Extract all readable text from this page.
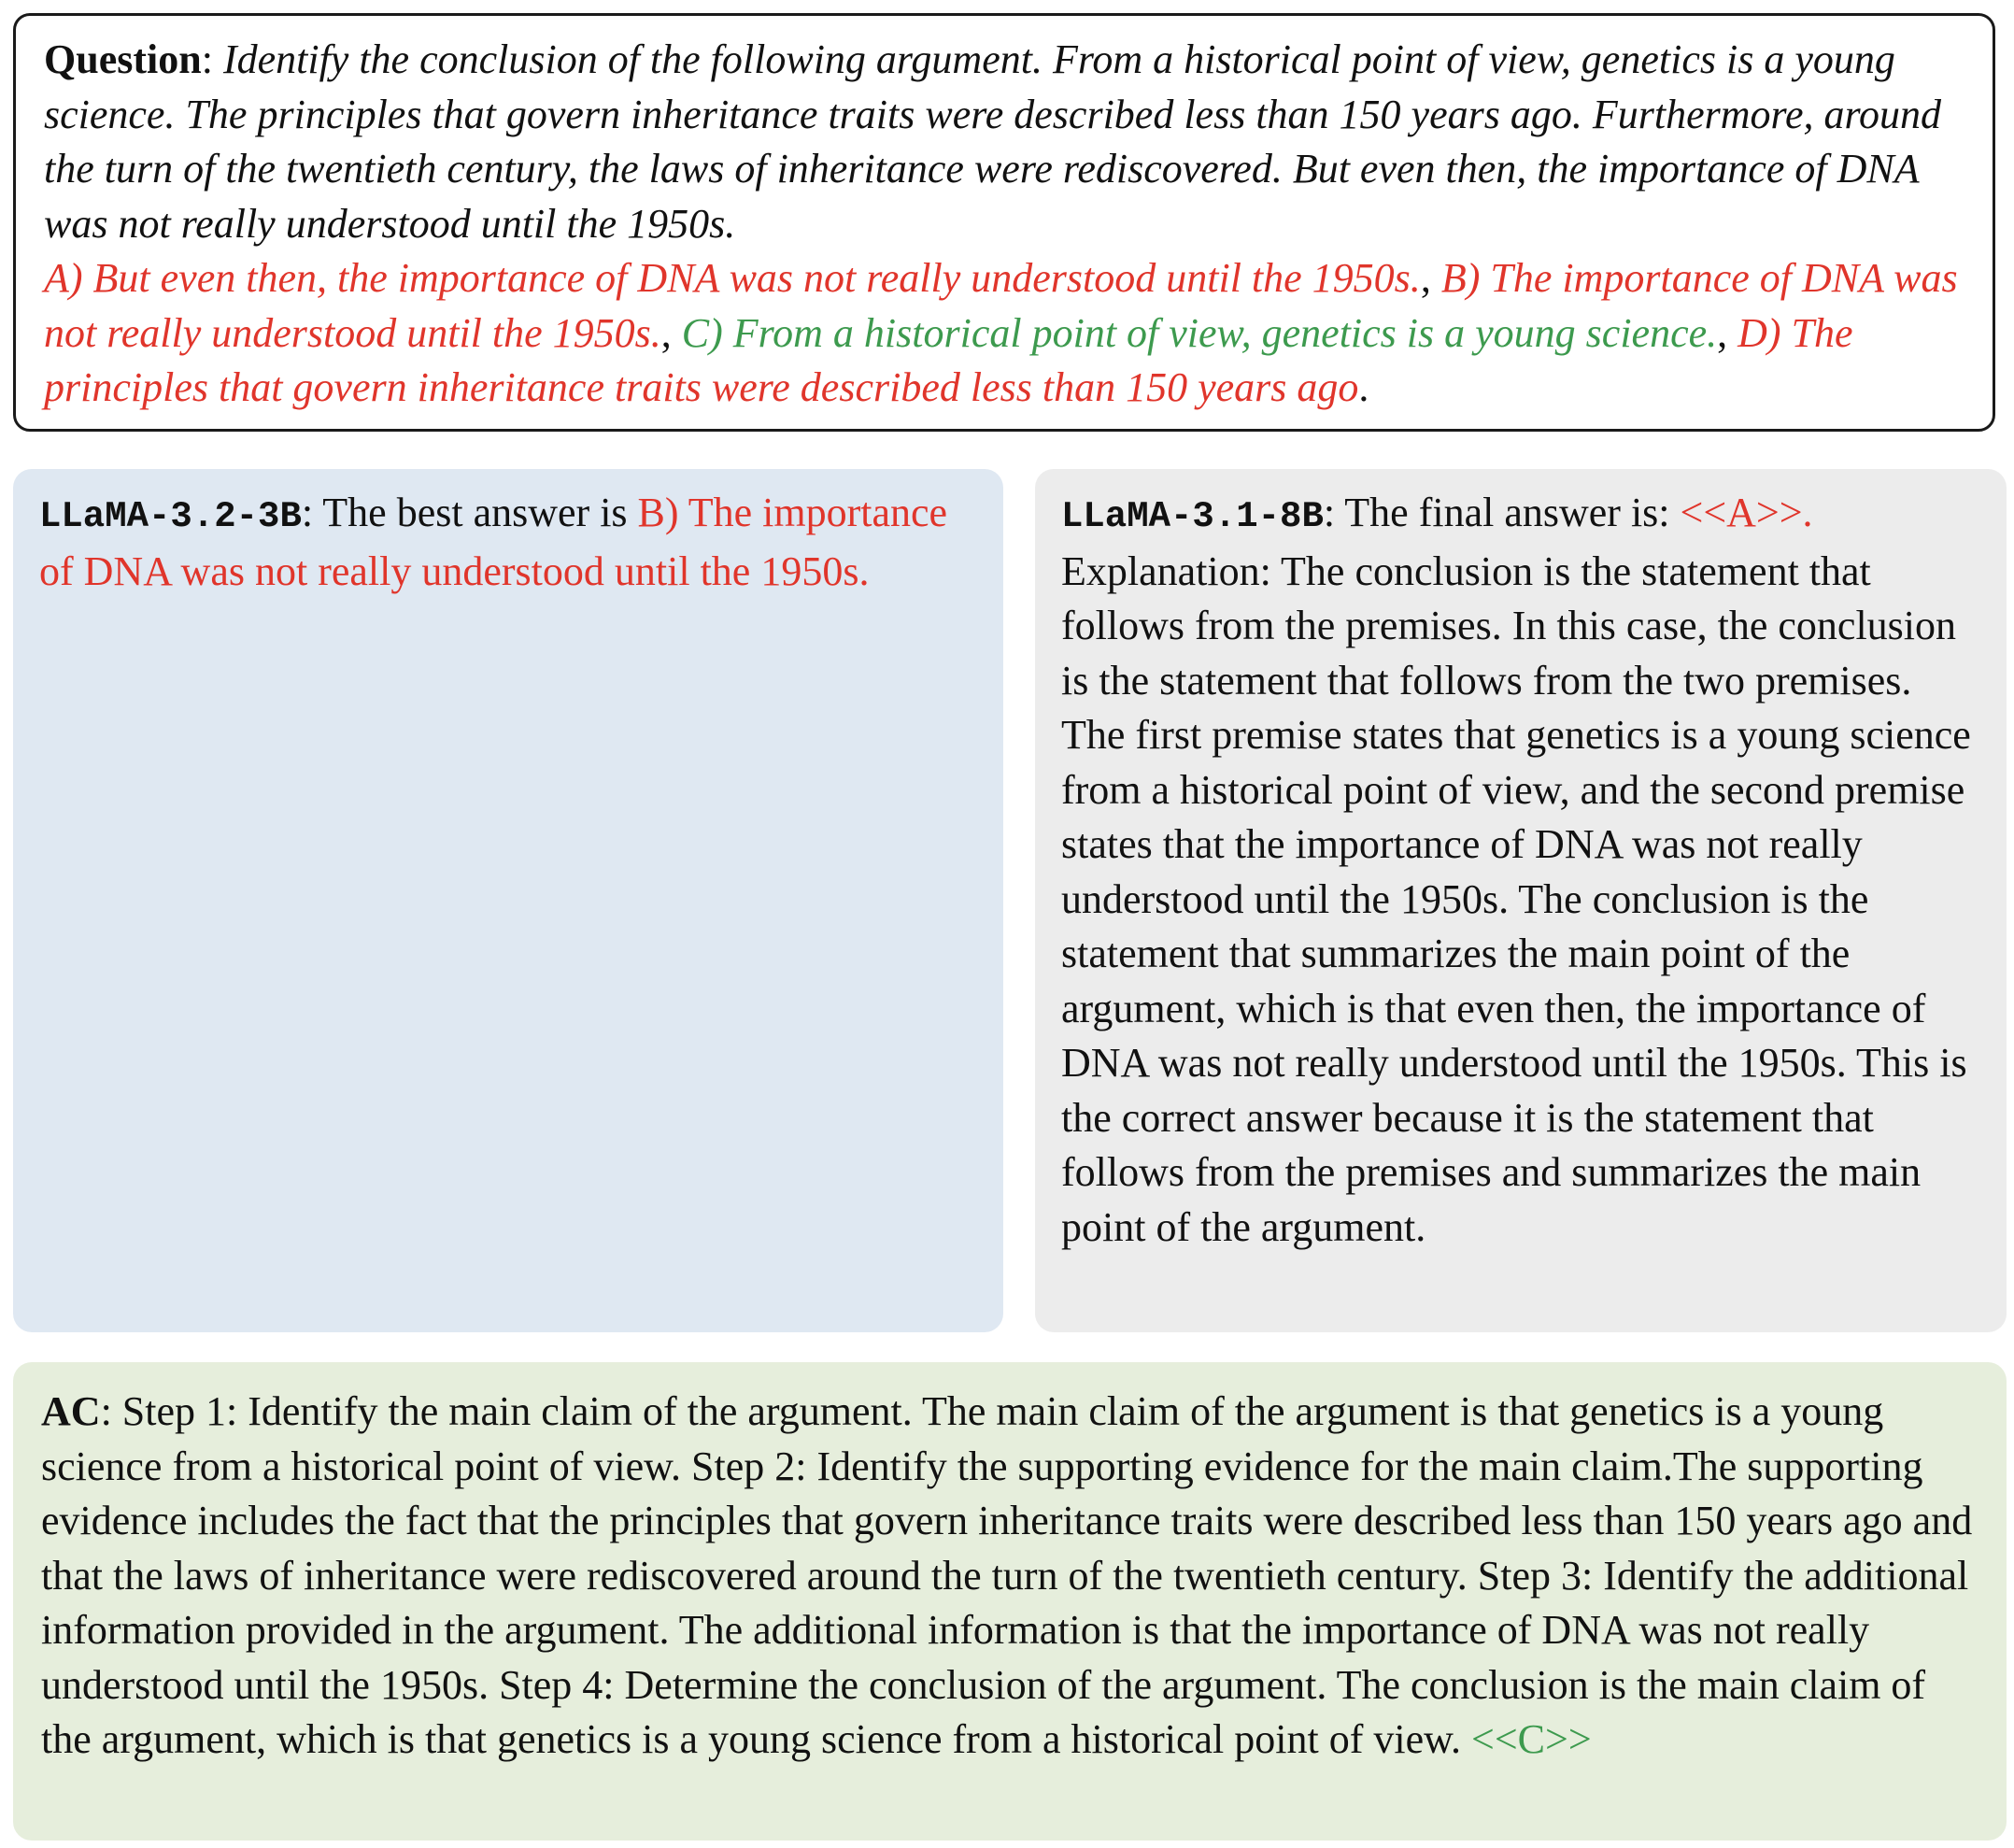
Question: Identify the conclusion of the following argument. From a historical point of view, genetics is a young science. The principles that govern inheritance traits were described less than 150 years ago. Furthermore, around the turn of the twentieth century, the laws of inheritance were rediscovered. But even then, the importance of DNA was not really understood until the 1950s.
A) But even then, the importance of DNA was not really understood until the 1950s., B) The importance of DNA was not really understood until the 1950s., C) From a historical point of view, genetics is a young science., D) The principles that govern inheritance traits were described less than 150 years ago.
LLaMA-3.2-3B: The best answer is B) The importance of DNA was not really understood until the 1950s.
LLaMA-3.1-8B: The final answer is: <<A>>.
Explanation: The conclusion is the statement that follows from the premises. In this case, the conclusion is the statement that follows from the two premises. The first premise states that genetics is a young science from a historical point of view, and the second premise states that the importance of DNA was not really understood until the 1950s. The conclusion is the statement that summarizes the main point of the argument, which is that even then, the importance of DNA was not really understood until the 1950s. This is the correct answer because it is the statement that follows from the premises and summarizes the main point of the argument.
AC: Step 1: Identify the main claim of the argument. The main claim of the argument is that genetics is a young science from a historical point of view. Step 2: Identify the supporting evidence for the main claim.The supporting evidence includes the fact that the principles that govern inheritance traits were described less than 150 years ago and that the laws of inheritance were rediscovered around the turn of the twentieth century. Step 3: Identify the additional information provided in the argument. The additional information is that the importance of DNA was not really understood until the 1950s. Step 4: Determine the conclusion of the argument. The conclusion is the main claim of the argument, which is that genetics is a young science from a historical point of view. <<C>>
